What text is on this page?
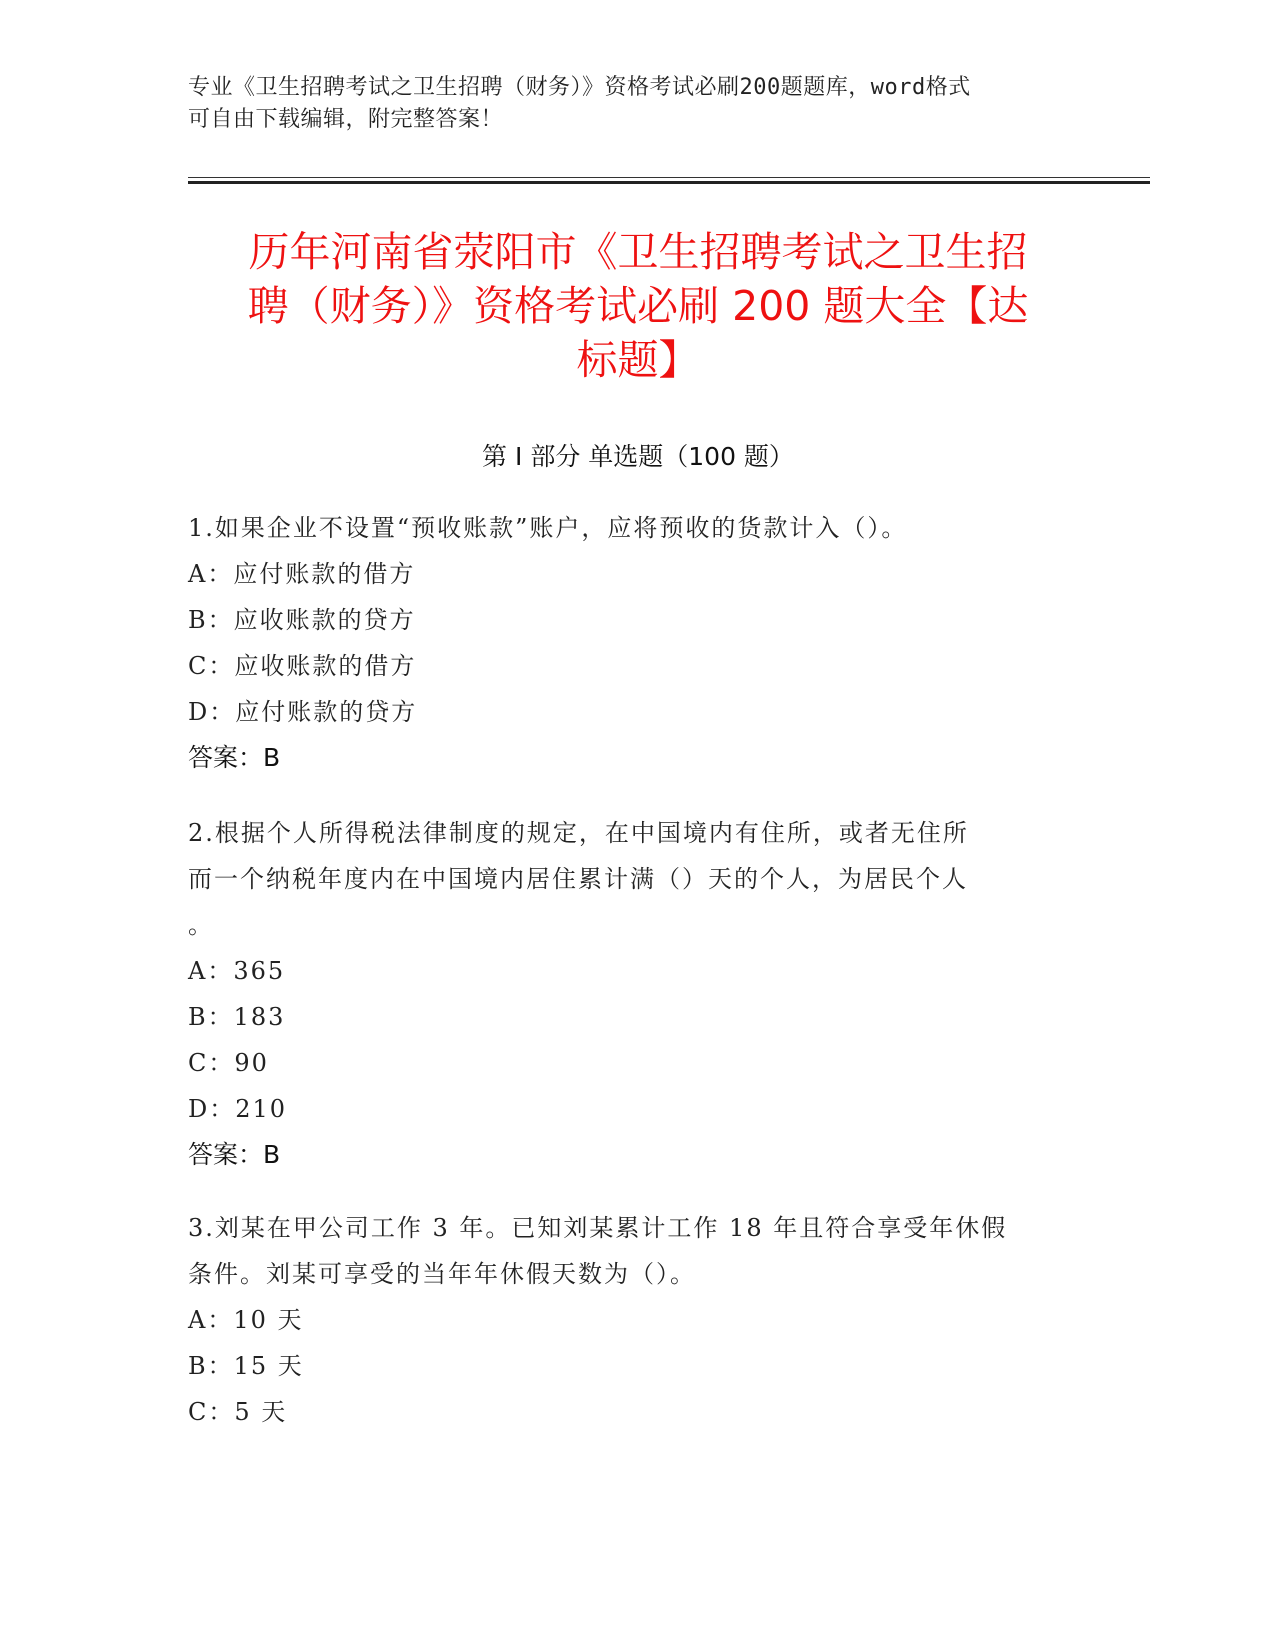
专业《卫生招聘考试之卫生招聘（财务）》资格考试必刷200题题库，word格式
可自由下载编辑，附完整答案！
历年河南省荥阳市《卫生招聘考试之卫生招
聘（财务）》资格考试必刷 200 题大全【达
标题】
第 I 部分 单选题（100 题）
1.如果企业不设置“预收账款”账户，应将预收的货款计入（）。
A：应付账款的借方
B：应收账款的贷方
C：应收账款的借方
D：应付账款的贷方
答案：B
2.根据个人所得税法律制度的规定，在中国境内有住所，或者无住所
而一个纳税年度内在中国境内居住累计满（）天的个人，为居民个人
。
A：365
B：183
C：90
D：210
答案：B
3.刘某在甲公司工作 3 年。已知刘某累计工作 18 年且符合享受年休假
条件。刘某可享受的当年年休假天数为（）。
A：10 天
B：15 天
C：5 天
